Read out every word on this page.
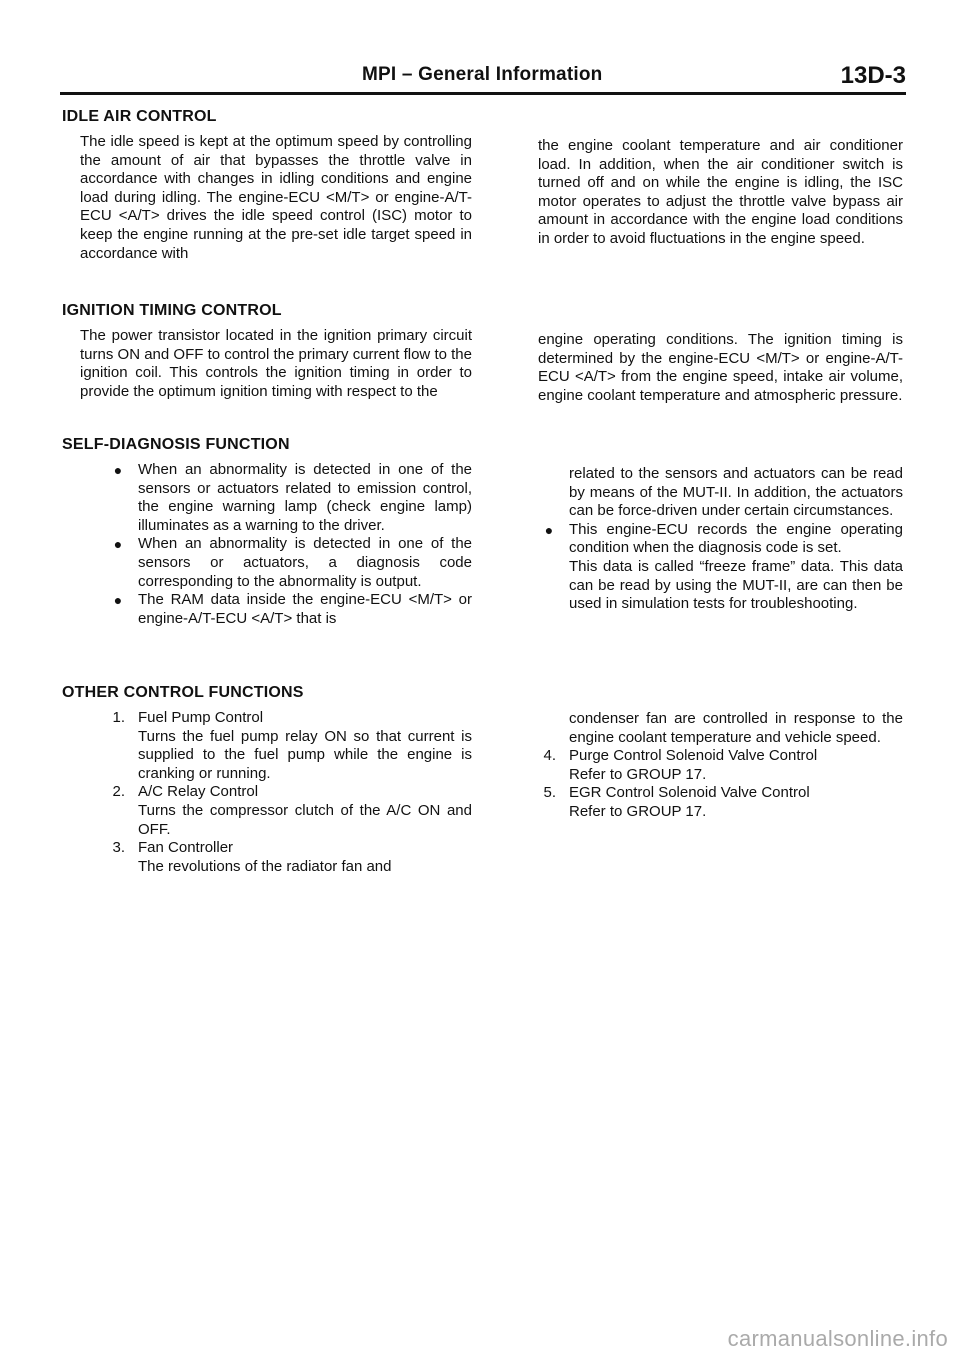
MPI – General Information	13D-3
IDLE AIR CONTROL

The idle speed is kept at the optimum speed by controlling the amount of air that bypasses the throttle valve in accordance with changes in idling conditions and engine load during idling. The engine-ECU <M/T> or engine-A/T-ECU <A/T> drives the idle speed control (ISC) motor to keep the engine running at the pre-set idle target speed in accordance with

the engine coolant temperature and air conditioner load. In addition, when the air conditioner switch is turned off and on while the engine is idling, the ISC motor operates to adjust the throttle valve bypass air amount in accordance with the engine load conditions in order to avoid fluctuations in the engine speed.

IGNITION TIMING CONTROL

The power transistor located in the ignition primary circuit turns ON and OFF to control the primary current flow to the ignition coil. This controls the ignition timing in order to provide the optimum ignition timing with respect to the

engine operating conditions. The ignition timing is determined by the engine-ECU <M/T> or engine-A/T-ECU <A/T> from the engine speed, intake air volume, engine coolant temperature and atmospheric pressure.

SELF-DIAGNOSIS FUNCTION
●	When an abnormality is detected in one of the sensors or actuators related to emission control, the engine warning lamp (check engine lamp) illuminates as a warning to the driver.
●	When an abnormality is detected in one of the sensors or actuators, a diagnosis code corresponding to the abnormality is output.
●	The RAM data inside the engine-ECU <M/T> or engine-A/T-ECU <A/T> that is
related to the sensors and actuators can be read by means of the MUT-II. In addition, the actuators can be force-driven under certain circumstances.
●	This engine-ECU records the engine operating condition when the diagnosis code is set.
This data is called “freeze frame” data. This data can be read by using the MUT-II, are can then be used in simulation tests for troubleshooting.
OTHER CONTROL FUNCTIONS
1. Fuel Pump Control
Turns the fuel pump relay ON so that current is supplied to the fuel pump while the engine is cranking or running.
2. A/C Relay Control
Turns the compressor clutch of the A/C ON and OFF.
3. Fan Controller
The revolutions of the radiator fan and
condenser fan are controlled in response to the engine coolant temperature and vehicle speed.
4. Purge Control Solenoid Valve Control
Refer to GROUP 17.
5. EGR Control Solenoid Valve Control
Refer to GROUP 17.
carmanualsonline.info
